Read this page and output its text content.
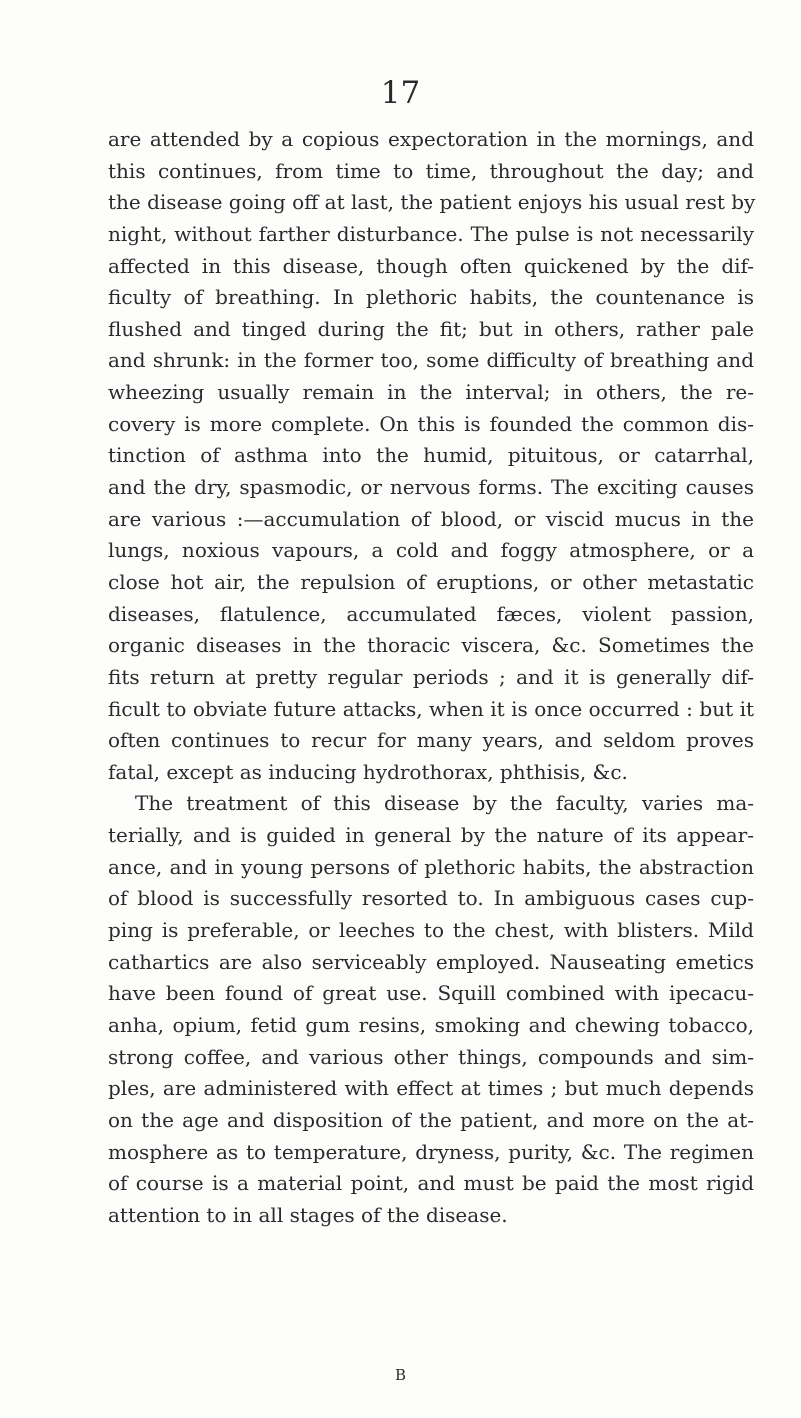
17
are attended by a copious expectoration in the mornings, and
this continues, from time to time, throughout the day; and
the disease going off at last, the patient enjoys his usual rest by
night, without farther disturbance. The pulse is not necessarily
affected in this disease, though often quickened by the dif-
ficulty of breathing. In plethoric habits, the countenance is
flushed and tinged during the fit; but in others, rather pale
and shrunk: in the former too, some difficulty of breathing and
wheezing usually remain in the interval; in others, the re-
covery is more complete. On this is founded the common dis-
tinction of asthma into the humid, pituitous, or catarrhal,
and the dry, spasmodic, or nervous forms. The exciting causes
are various :—accumulation of blood, or viscid mucus in the
lungs, noxious vapours, a cold and foggy atmosphere, or a
close hot air, the repulsion of eruptions, or other metastatic
diseases, flatulence, accumulated fæces, violent passion,
organic diseases in the thoracic viscera, &c. Sometimes the
fits return at pretty regular periods ; and it is generally dif-
ficult to obviate future attacks, when it is once occurred : but it
often continues to recur for many years, and seldom proves
fatal, except as inducing hydrothorax, phthisis, &c.
The treatment of this disease by the faculty, varies ma-
terially, and is guided in general by the nature of its appear-
ance, and in young persons of plethoric habits, the abstraction
of blood is successfully resorted to. In ambiguous cases cup-
ping is preferable, or leeches to the chest, with blisters. Mild
cathartics are also serviceably employed. Nauseating emetics
have been found of great use. Squill combined with ipecacu-
anha, opium, fetid gum resins, smoking and chewing tobacco,
strong coffee, and various other things, compounds and sim-
ples, are administered with effect at times ; but much depends
on the age and disposition of the patient, and more on the at-
mosphere as to temperature, dryness, purity, &c. The regimen
of course is a material point, and must be paid the most rigid
attention to in all stages of the disease.
B
